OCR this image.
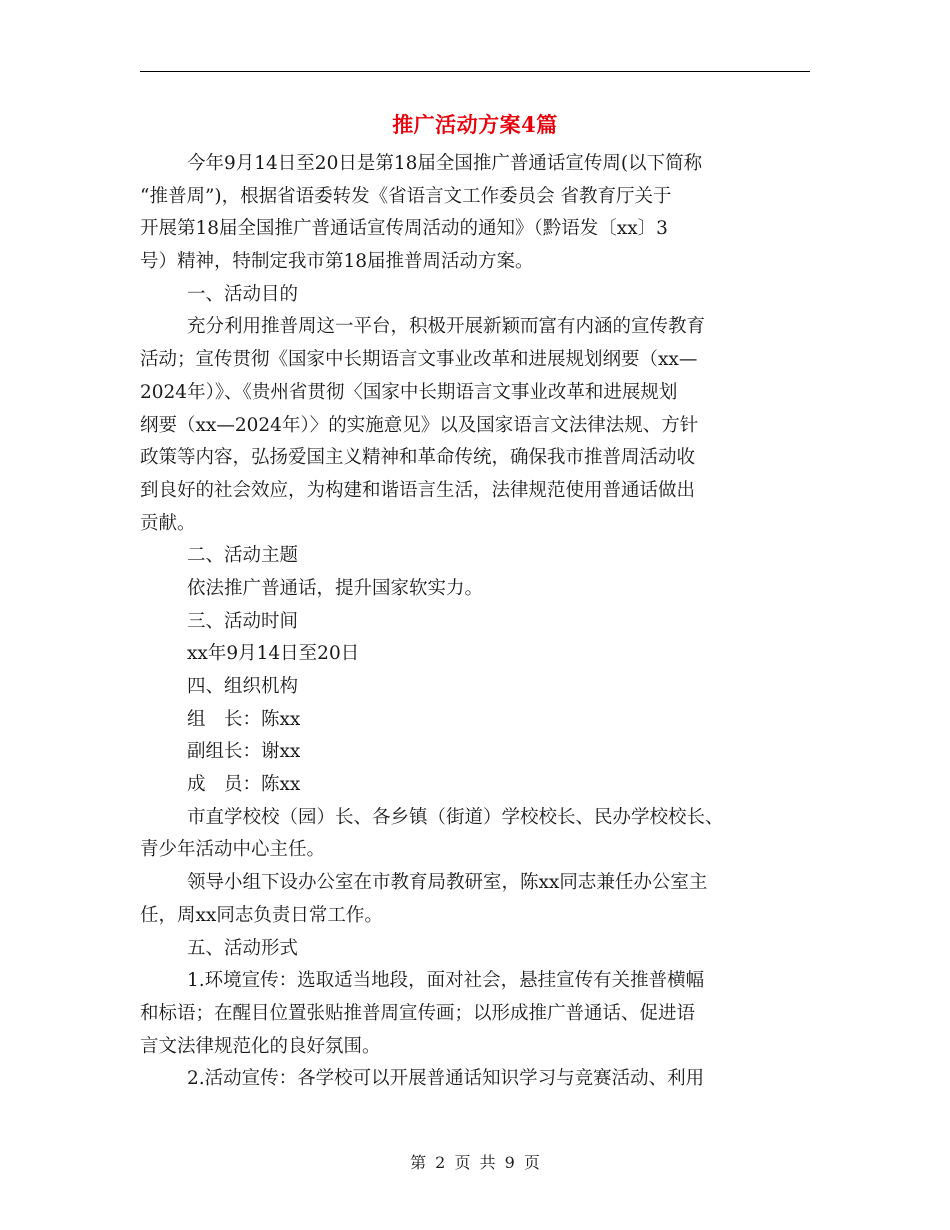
推广活动方案4篇
今年9月14日至20日是第18届全国推广普通话宣传周(以下简称
“推普周”)，根据省语委转发《省语言文工作委员会 省教育厅关于
开展第18届全国推广普通话宣传周活动的通知》（黔语发〔xx〕3
号）精神，特制定我市第18届推普周活动方案。
一、活动目的
充分利用推普周这一平台，积极开展新颖而富有内涵的宣传教育
活动；宣传贯彻《国家中长期语言文事业改革和进展规划纲要（xx—
2024年）》、《贵州省贯彻〈国家中长期语言文事业改革和进展规划
纲要（xx—2024年）〉的实施意见》以及国家语言文法律法规、方针
政策等内容，弘扬爱国主义精神和革命传统，确保我市推普周活动收
到良好的社会效应，为构建和谐语言生活，法律规范使用普通话做出
贡献。
二、活动主题
依法推广普通话，提升国家软实力。
三、活动时间
xx年9月14日至20日
四、组织机构
组　长：陈xx
副组长：谢xx
成　员：陈xx
市直学校校（园）长、各乡镇（街道）学校校长、民办学校校长、
青少年活动中心主任。
领导小组下设办公室在市教育局教研室，陈xx同志兼任办公室主
任，周xx同志负责日常工作。
五、活动形式
1.环境宣传：选取适当地段，面对社会，悬挂宣传有关推普横幅
和标语；在醒目位置张贴推普周宣传画；以形成推广普通话、促进语
言文法律规范化的良好氛围。
2.活动宣传：各学校可以开展普通话知识学习与竞赛活动、利用
第 2 页 共 9 页
